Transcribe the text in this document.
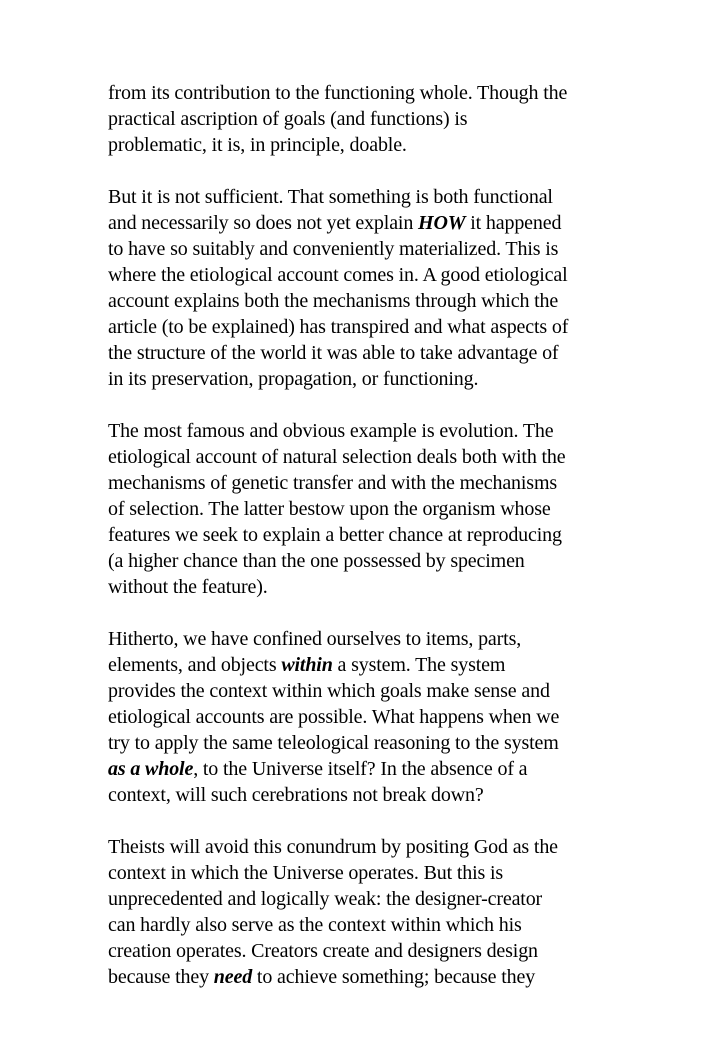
from its contribution to the functioning whole. Though the
practical ascription of goals (and functions) is
problematic, it is, in principle, doable.

But it is not sufficient. That something is both functional
and necessarily so does not yet explain HOW it happened
to have so suitably and conveniently materialized. This is
where the etiological account comes in. A good etiological
account explains both the mechanisms through which the
article (to be explained) has transpired and what aspects of
the structure of the world it was able to take advantage of
in its preservation, propagation, or functioning.

The most famous and obvious example is evolution. The
etiological account of natural selection deals both with the
mechanisms of genetic transfer and with the mechanisms
of selection. The latter bestow upon the organism whose
features we seek to explain a better chance at reproducing
(a higher chance than the one possessed by specimen
without the feature).

Hitherto, we have confined ourselves to items, parts,
elements, and objects within a system. The system
provides the context within which goals make sense and
etiological accounts are possible. What happens when we
try to apply the same teleological reasoning to the system
as a whole, to the Universe itself? In the absence of a
context, will such cerebrations not break down?

Theists will avoid this conundrum by positing God as the
context in which the Universe operates. But this is
unprecedented and logically weak: the designer-creator
can hardly also serve as the context within which his
creation operates. Creators create and designers design
because they need to achieve something; because they
